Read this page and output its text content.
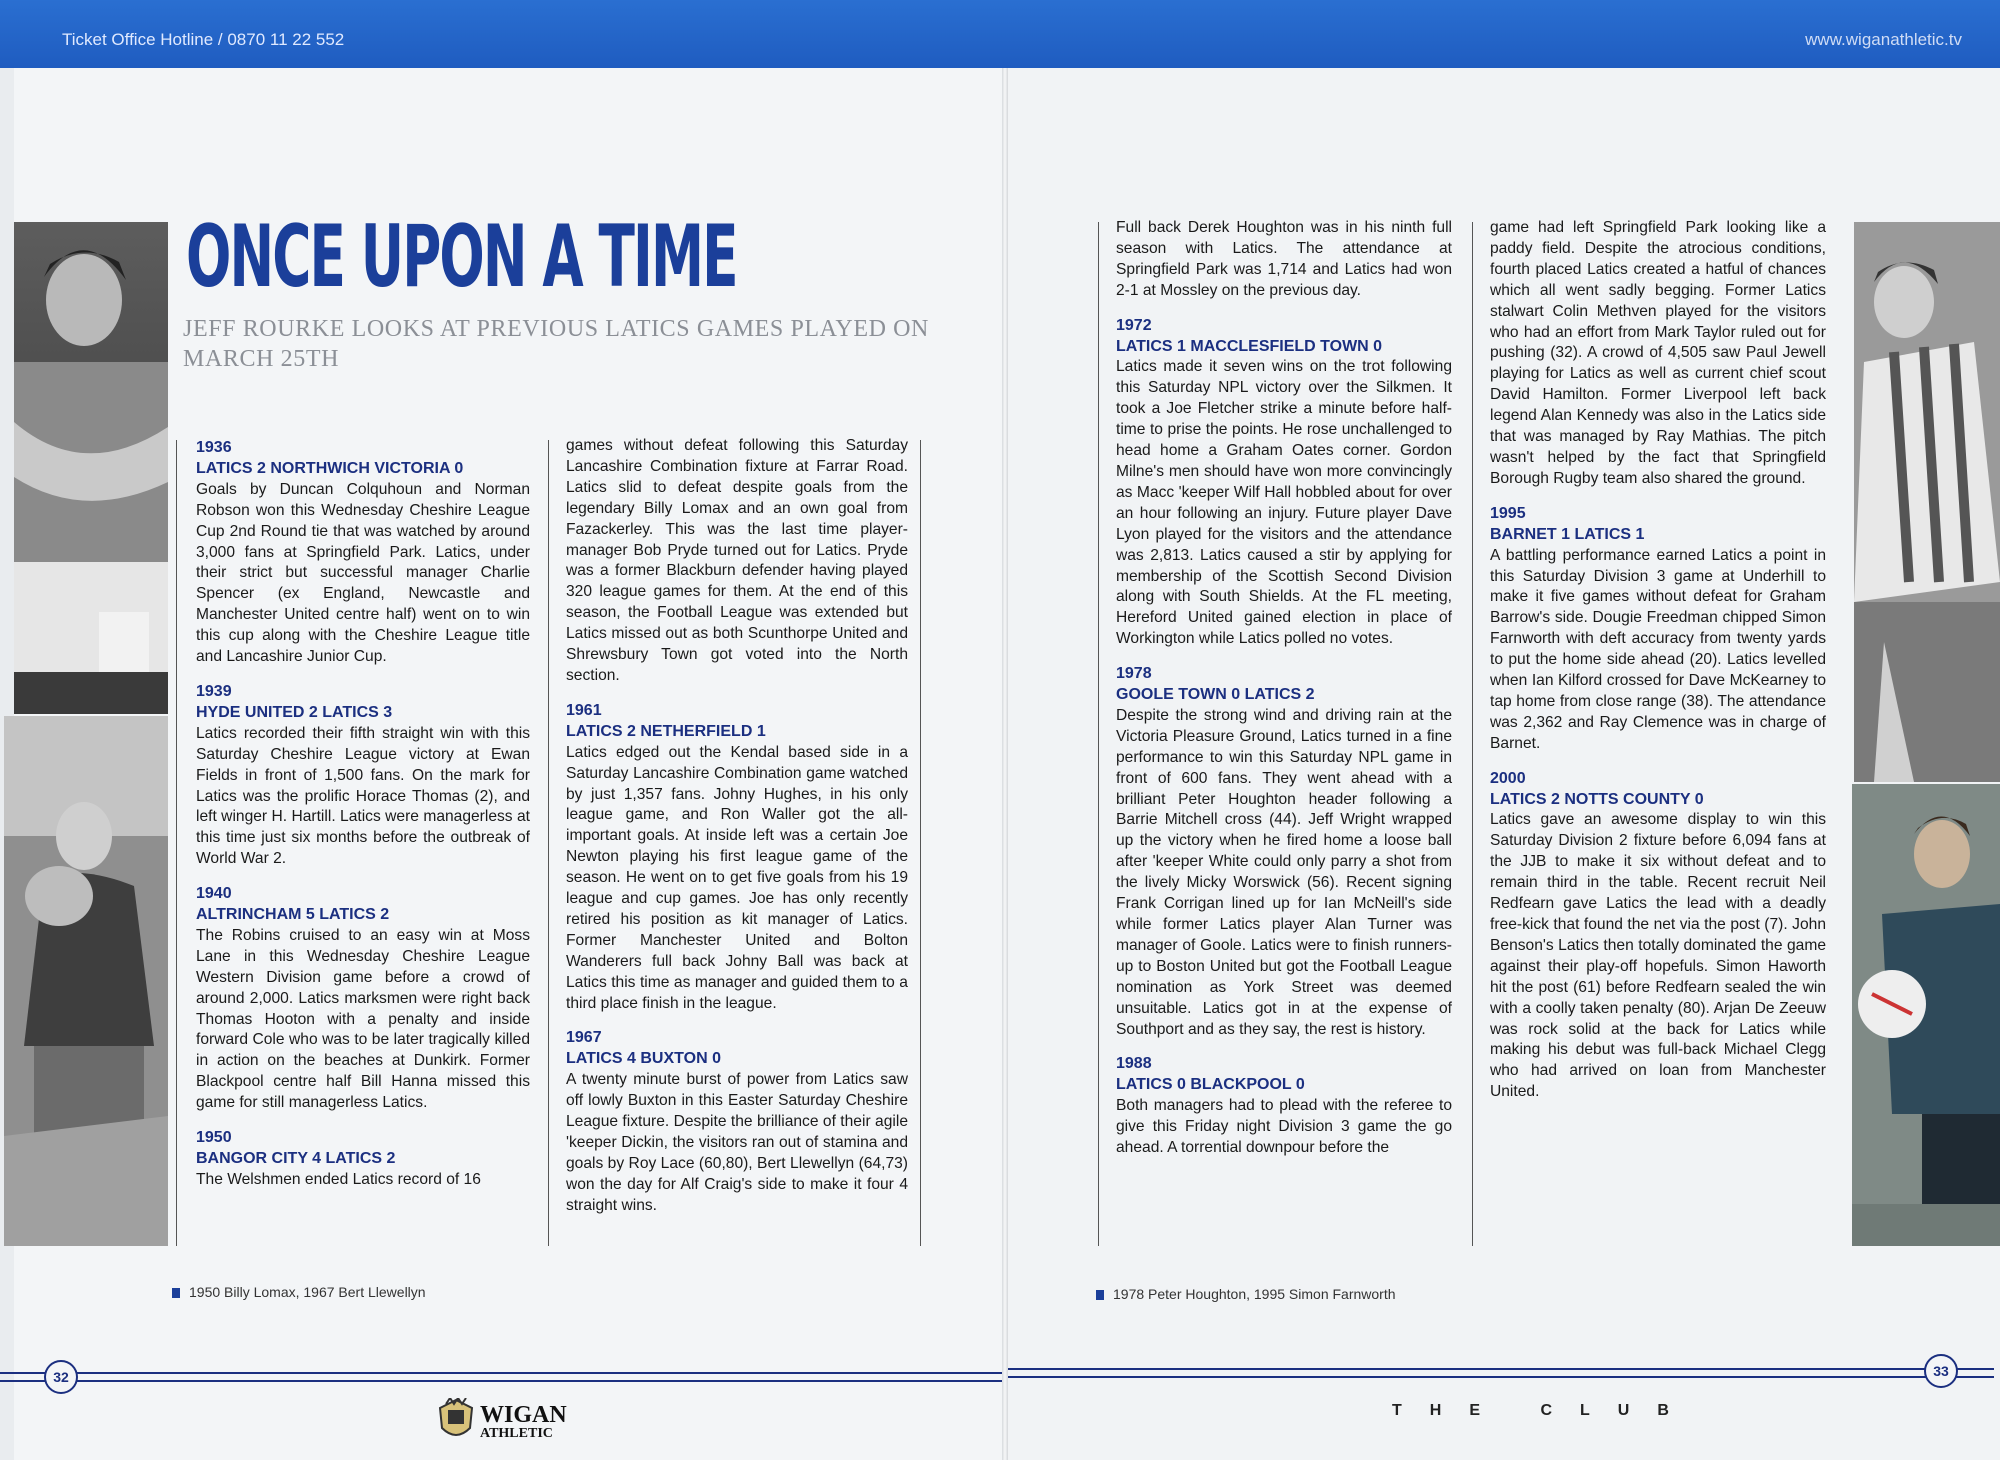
Ticket Office Hotline / 0870 11 22 552	www.wiganathletic.tv
ONCE UPON A TIME
JEFF ROURKE LOOKS AT PREVIOUS LATICS GAMES PLAYED ON MARCH 25TH
1936
LATICS 2 NORTHWICH VICTORIA 0

Goals by Duncan Colquhoun and Norman Robson won this Wednesday Cheshire League Cup 2nd Round tie that was watched by around 3,000 fans at Springfield Park. Latics, under their strict but successful manager Charlie Spencer (ex England, Newcastle and Manchester United centre half) went on to win this cup along with the Cheshire League title and Lancashire Junior Cup.

1939
HYDE UNITED 2 LATICS 3

Latics recorded their fifth straight win with this Saturday Cheshire League victory at Ewan Fields in front of 1,500 fans. On the mark for Latics was the prolific Horace Thomas (2), and left winger H. Hartill. Latics were managerless at this time just six months before the outbreak of World War 2.

1940
ALTRINCHAM 5 LATICS 2

The Robins cruised to an easy win at Moss Lane in this Wednesday Cheshire League Western Division game before a crowd of around 2,000. Latics marksmen were right back Thomas Hooton with a penalty and inside forward Cole who was to be later tragically killed in action on the beaches at Dunkirk. Former Blackpool centre half Bill Hanna missed this game for still managerless Latics.

1950
BANGOR CITY 4 LATICS 2

The Welshmen ended Latics record of 16

games without defeat following this Saturday Lancashire Combination fixture at Farrar Road. Latics slid to defeat despite goals from the legendary Billy Lomax and an own goal from Fazackerley. This was the last time player-manager Bob Pryde turned out for Latics. Pryde was a former Blackburn defender having played 320 league games for them. At the end of this season, the Football League was extended but Latics missed out as both Scunthorpe United and Shrewsbury Town got voted into the North section.

1961
LATICS 2 NETHERFIELD 1

Latics edged out the Kendal based side in a Saturday Lancashire Combination game watched by just 1,357 fans. Johny Hughes, in his only league game, and Ron Waller got the all-important goals. At inside left was a certain Joe Newton playing his first league game of the season. He went on to get five goals from his 19 league and cup games. Joe has only recently retired his position as kit manager of Latics. Former Manchester United and Bolton Wanderers full back Johny Ball was back at Latics this time as manager and guided them to a third place finish in the league.

1967
LATICS 4 BUXTON 0

A twenty minute burst of power from Latics saw off lowly Buxton in this Easter Saturday Cheshire League fixture. Despite the brilliance of their agile 'keeper Dickin, the visitors ran out of stamina and goals by Roy Lace (60,80), Bert Llewellyn (64,73) won the day for Alf Craig's side to make it four 4 straight wins.

Full back Derek Houghton was in his ninth full season with Latics. The attendance at Springfield Park was 1,714 and Latics had won 2-1 at Mossley on the previous day.

1972
LATICS 1 MACCLESFIELD TOWN 0

Latics made it seven wins on the trot following this Saturday NPL victory over the Silkmen. It took a Joe Fletcher strike a minute before half-time to prise the points. He rose unchallenged to head home a Graham Oates corner. Gordon Milne's men should have won more convincingly as Macc 'keeper Wilf Hall hobbled about for over an hour following an injury. Future player Dave Lyon played for the visitors and the attendance was 2,813. Latics caused a stir by applying for membership of the Scottish Second Division along with South Shields. At the FL meeting, Hereford United gained election in place of Workington while Latics polled no votes.

1978
GOOLE TOWN 0 LATICS 2

Despite the strong wind and driving rain at the Victoria Pleasure Ground, Latics turned in a fine performance to win this Saturday NPL game in front of 600 fans. They went ahead with a brilliant Peter Houghton header following a Barrie Mitchell cross (44). Jeff Wright wrapped up the victory when he fired home a loose ball after 'keeper White could only parry a shot from the lively Micky Worswick (56). Recent signing Frank Corrigan lined up for Ian McNeill's side while former Latics player Alan Turner was manager of Goole. Latics were to finish runners-up to Boston United but got the Football League nomination as York Street was deemed unsuitable. Latics got in at the expense of Southport and as they say, the rest is history.

1988
LATICS 0 BLACKPOOL 0

Both managers had to plead with the referee to give this Friday night Division 3 game the go ahead. A torrential downpour before the

game had left Springfield Park looking like a paddy field. Despite the atrocious conditions, fourth placed Latics created a hatful of chances which all went sadly begging. Former Latics stalwart Colin Methven played for the visitors who had an effort from Mark Taylor ruled out for pushing (32). A crowd of 4,505 saw Paul Jewell playing for Latics as well as current chief scout David Hamilton. Former Liverpool left back legend Alan Kennedy was also in the Latics side that was managed by Ray Mathias. The pitch wasn't helped by the fact that Springfield Borough Rugby team also shared the ground.

1995
BARNET 1 LATICS 1

A battling performance earned Latics a point in this Saturday Division 3 game at Underhill to make it five games without defeat for Graham Barrow's side. Dougie Freedman chipped Simon Farnworth with deft accuracy from twenty yards to put the home side ahead (20). Latics levelled when Ian Kilford crossed for Dave McKearney to tap home from close range (38). The attendance was 2,362 and Ray Clemence was in charge of Barnet.

2000
LATICS 2 NOTTS COUNTY 0

Latics gave an awesome display to win this Saturday Division 2 fixture before 6,094 fans at the JJB to make it six without defeat and to remain third in the table. Recent recruit Neil Redfearn gave Latics the lead with a deadly free-kick that found the net via the post (7). John Benson's Latics then totally dominated the game against their play-off hopefuls. Simon Haworth hit the post (61) before Redfearn sealed the win with a coolly taken penalty (80). Arjan De Zeeuw was rock solid at the back for Latics while making his debut was full-back Michael Clegg who had arrived on loan from Manchester United.

1950 Billy Lomax, 1967 Bert Llewellyn	1978 Peter Houghton, 1995 Simon Farnworth
32	33
WIGAN
ATHLETIC
THE CLUB
